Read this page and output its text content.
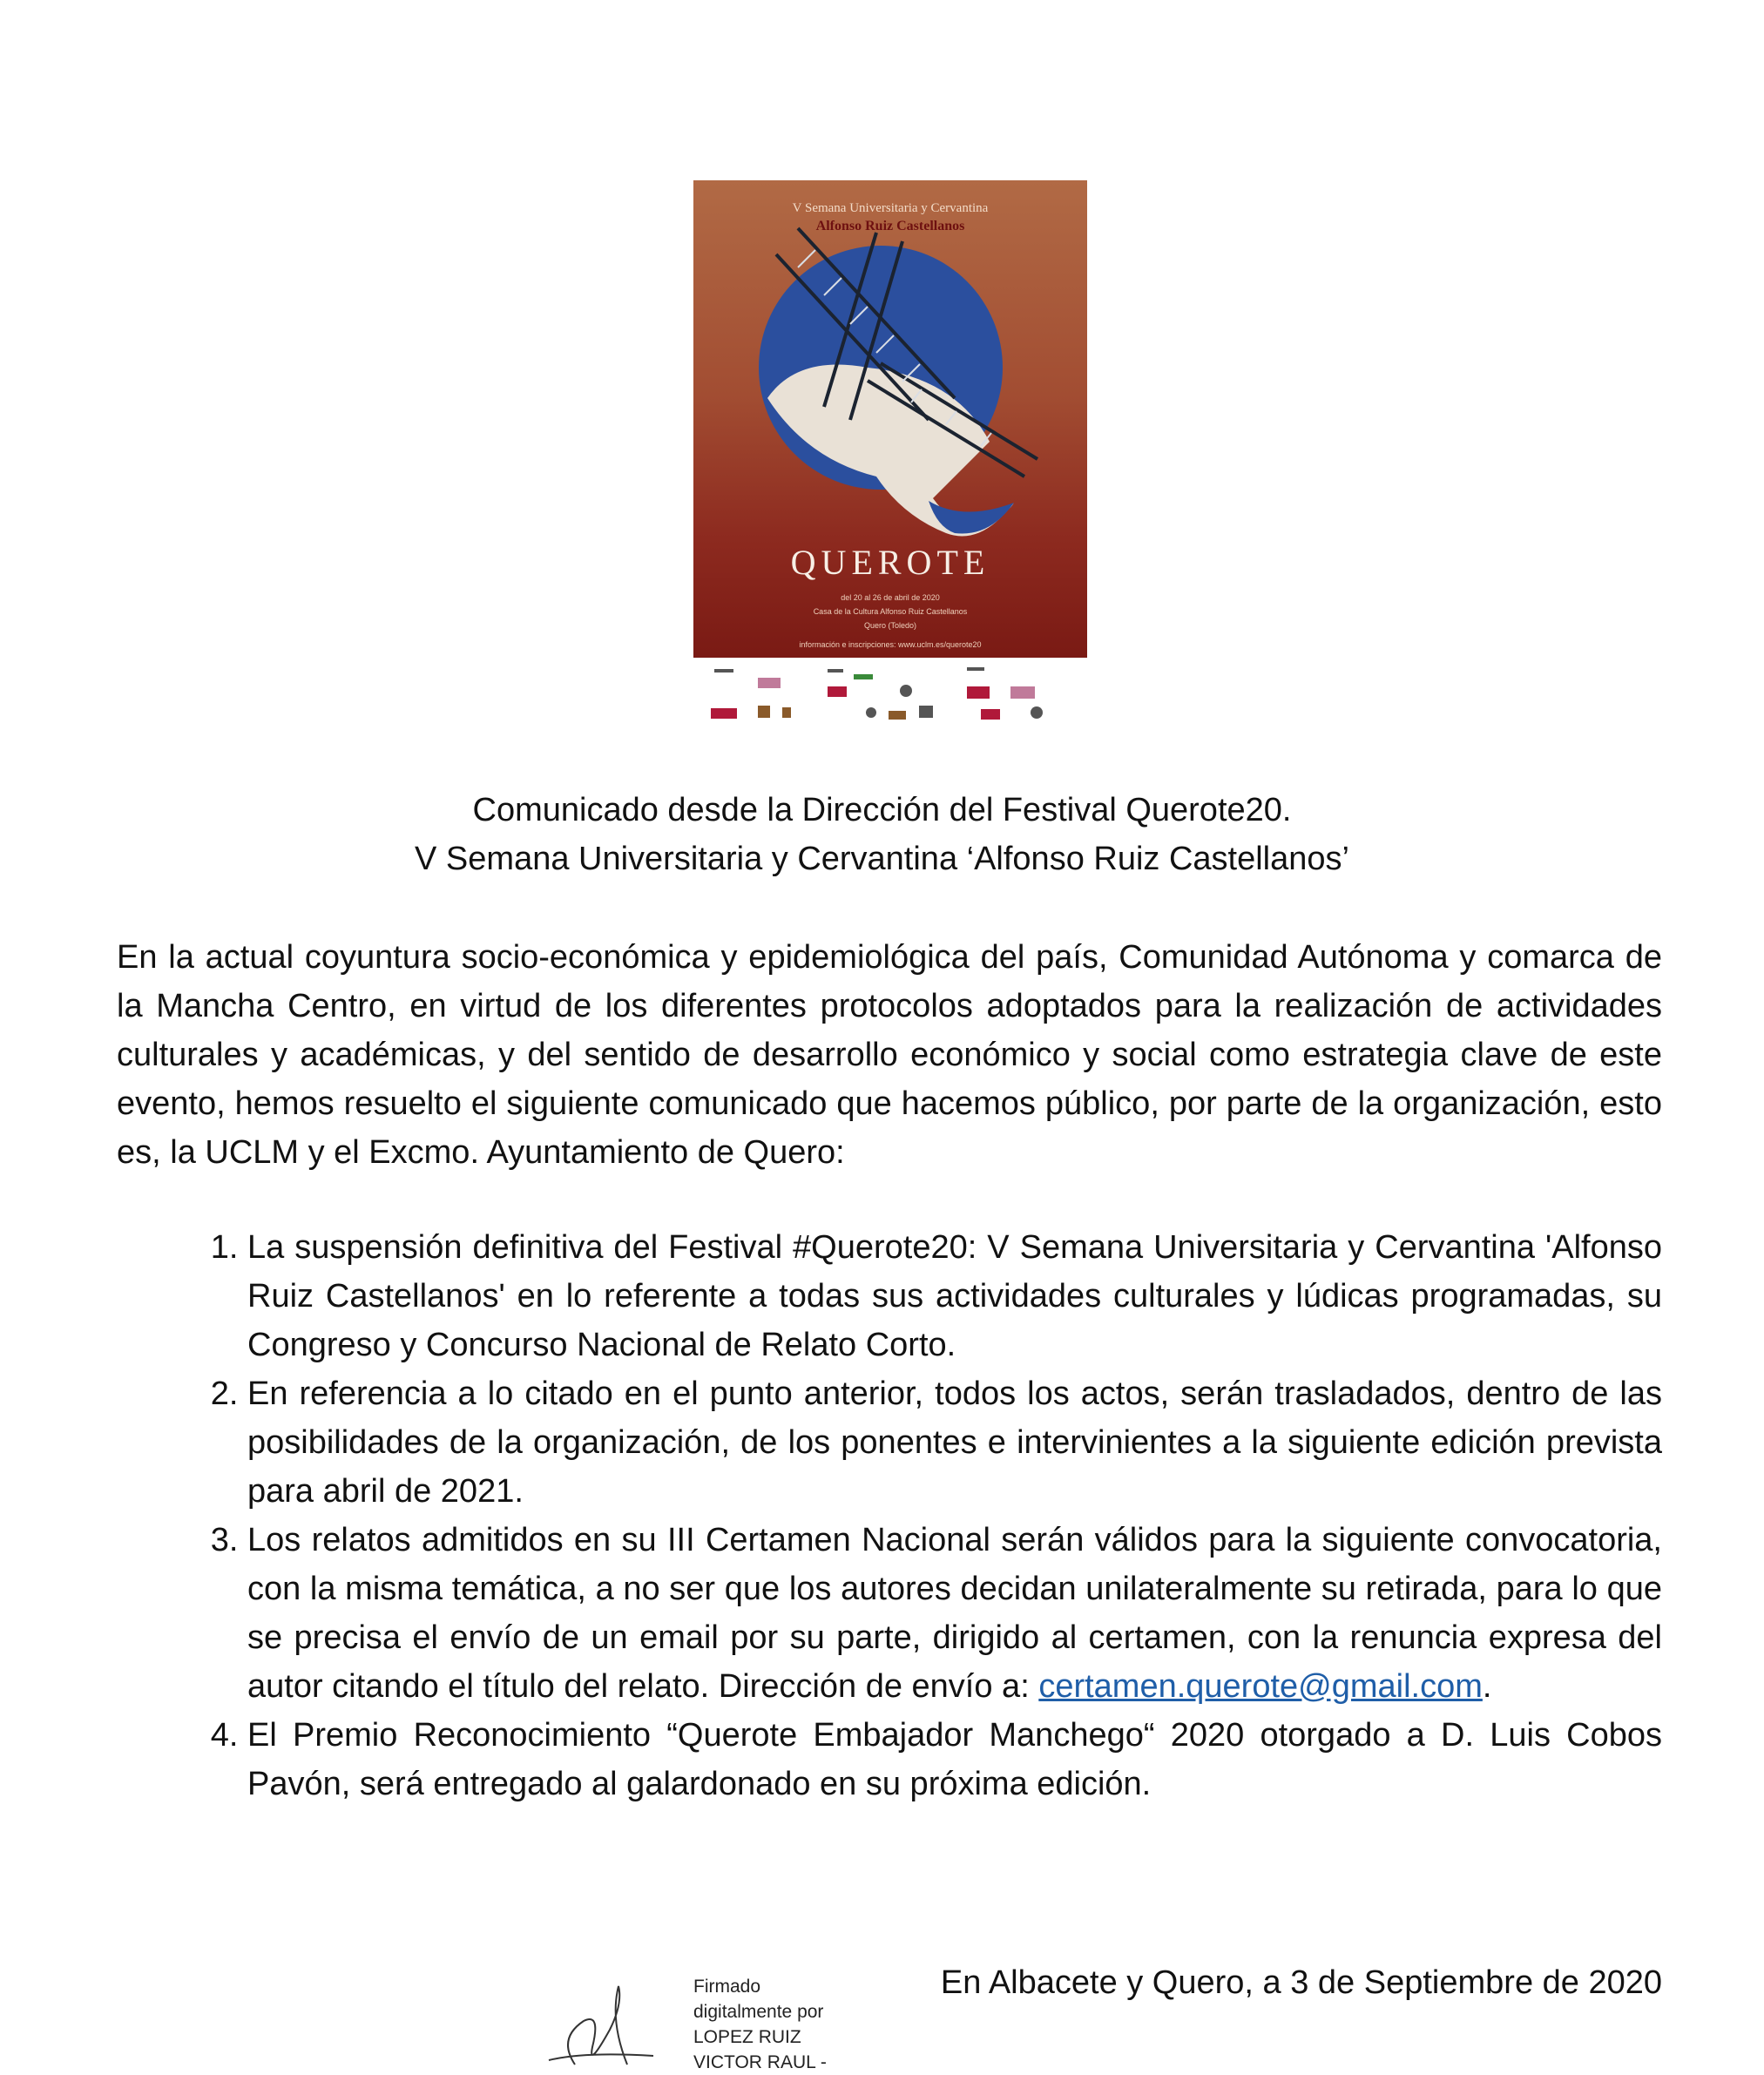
V Semana Universitaria y Cervantina
Alfonso Ruiz Castellanos
QUEROTE
del 20 al 26 de abril de 2020
Casa de la Cultura Alfonso Ruiz Castellanos
Quero (Toledo)
información e inscripciones: www.uclm.es/querote20
Comunicado desde la Dirección del Festival Querote20.
V Semana Universitaria y Cervantina ‘Alfonso Ruiz Castellanos’

En la actual coyuntura socio-económica y epidemiológica del país, Comunidad Autónoma y comarca de la Mancha Centro, en virtud de los diferentes protocolos adoptados para la realización de actividades culturales y académicas, y del sentido de desarrollo económico y social como estrategia clave de este evento, hemos resuelto el siguiente comunicado que hacemos público, por parte de la organización, esto es, la UCLM y el Excmo. Ayuntamiento de Quero:

1. La suspensión definitiva del Festival #Querote20: V Semana Universitaria y Cervantina 'Alfonso Ruiz Castellanos' en lo referente a todas sus actividades culturales y lúdicas programadas, su Congreso y Concurso Nacional de Relato Corto.
2. En referencia a lo citado en el punto anterior, todos los actos, serán trasladados, dentro de las posibilidades de la organización, de los ponentes e intervinientes a la siguiente edición prevista para abril de 2021.
3. Los relatos admitidos en su III Certamen Nacional serán válidos para la siguiente convocatoria, con la misma temática, a no ser que los autores decidan unilateralmente su retirada, para lo que se precisa el envío de un email por su parte, dirigido al certamen, con la renuncia expresa del autor citando el título del relato. Dirección de envío a: certamen.querote@gmail.com.
4. El Premio Reconocimiento “Querote Embajador Manchego“ 2020 otorgado a D. Luis Cobos Pavón, será entregado al galardonado en su próxima edición.
Firmado
digitalmente por
LOPEZ RUIZ
VICTOR RAUL -
En Albacete y Quero, a 3 de Septiembre de 2020
